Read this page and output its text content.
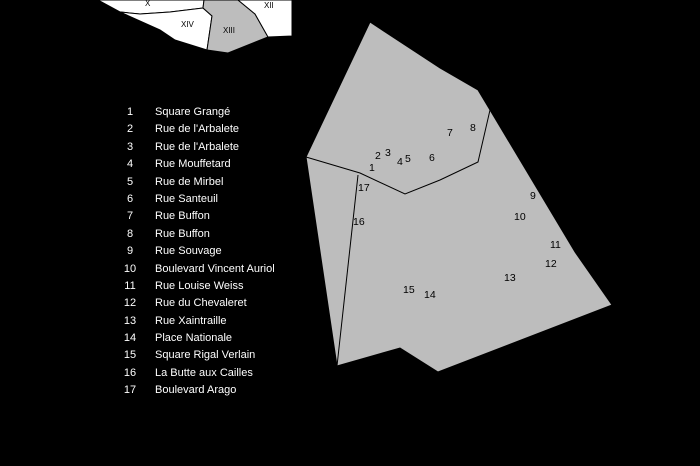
X
XIV
XIII
XII
1
2 3
4 5 6
7 8
9
10
11
12
13
14
15
16
17
1 Square Grangé
2 Rue de l'Arbalete
3 Rue de l'Arbalete
4 Rue Mouffetard
5 Rue de Mirbel
6 Rue Santeuil
7 Rue Buffon
8 Rue Buffon
9 Rue Souvage
10 Boulevard Vincent Auriol
11 Rue Louise Weiss
12 Rue du Chevaleret
13 Rue Xaintraille
14 Place Nationale
15 Square Rigal Verlain
16 La Butte aux Cailles
17 Boulevard Arago
